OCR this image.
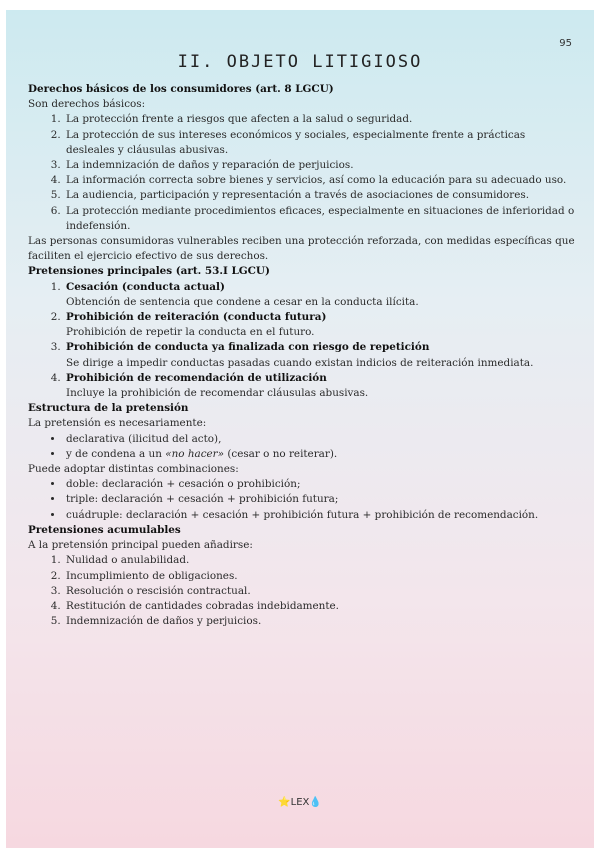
95
II. OBJETO LITIGIOSO
Derechos básicos de los consumidores (art. 8 LGCU)
Son derechos básicos:
1. La protección frente a riesgos que afecten a la salud o seguridad.
2. La protección de sus intereses económicos y sociales, especialmente frente a prácticas desleales y cláusulas abusivas.
3. La indemnización de daños y reparación de perjuicios.
4. La información correcta sobre bienes y servicios, así como la educación para su adecuado uso.
5. La audiencia, participación y representación a través de asociaciones de consumidores.
6. La protección mediante procedimientos eficaces, especialmente en situaciones de inferioridad o indefensión.
Las personas consumidoras vulnerables reciben una protección reforzada, con medidas específicas que faciliten el ejercicio efectivo de sus derechos.
Pretensiones principales (art. 53.I LGCU)
1. Cesación (conducta actual)
Obtención de sentencia que condene a cesar en la conducta ilícita.
2. Prohibición de reiteración (conducta futura)
Prohibición de repetir la conducta en el futuro.
3. Prohibición de conducta ya finalizada con riesgo de repetición
Se dirige a impedir conductas pasadas cuando existan indicios de reiteración inmediata.
4. Prohibición de recomendación de utilización
Incluye la prohibición de recomendar cláusulas abusivas.
Estructura de la pretensión
La pretensión es necesariamente:
• declarativa (ilicitud del acto),
• y de condena a un «no hacer» (cesar o no reiterar).
Puede adoptar distintas combinaciones:
• doble: declaración + cesación o prohibición;
• triple: declaración + cesación + prohibición futura;
• cuádruple: declaración + cesación + prohibición futura + prohibición de recomendación.
Pretensiones acumulables
A la pretensión principal pueden añadirse:
1. Nulidad o anulabilidad.
2. Incumplimiento de obligaciones.
3. Resolución o rescisión contractual.
4. Restitución de cantidades cobradas indebidamente.
5. Indemnización de daños y perjuicios.
⭐LEX💧
